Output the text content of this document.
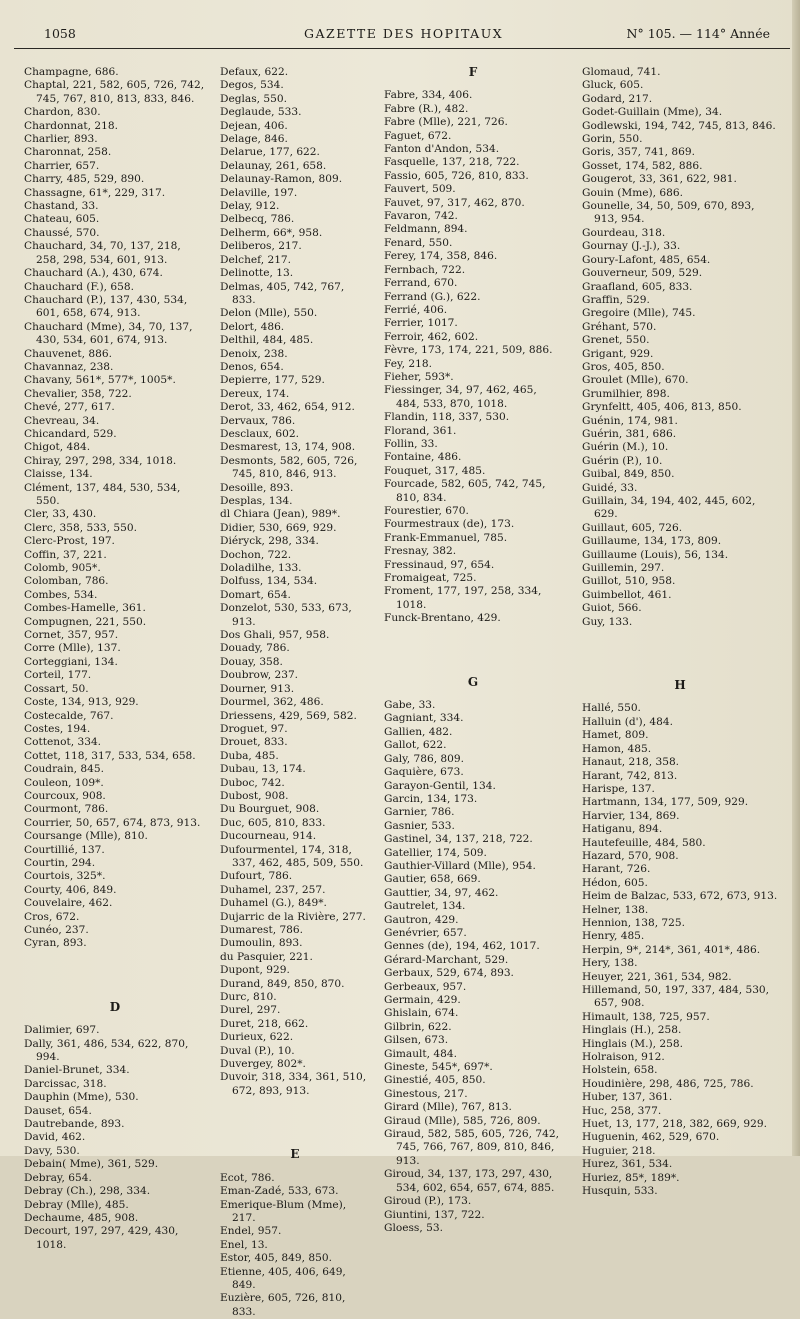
1058	GAZETTE DES HOPITAUX	N° 105. — 114° Année
Champagne, 686.
Chaptal, 221, 582, 605, 726, 742, 745, 767, 810, 813, 833, 846.
Chardon, 830.
Chardonnat, 218.
Charlier, 893.
Charonnat, 258.
Charrier, 657.
Charry, 485, 529, 890.
Chassagne, 61*, 229, 317.
Chastand, 33.
Chateau, 605.
Chaussé, 570.
Chauchard, 34, 70, 137, 218, 258, 298, 534, 601, 913.
Chauchard (A.), 430, 674.
Chauchard (F.), 658.
Chauchard (P.), 137, 430, 534, 601, 658, 674, 913.
Chauchard (Mme), 34, 70, 137, 430, 534, 601, 674, 913.
Chauvenet, 886.
Chavannaz, 238.
Chavany, 561*, 577*, 1005*.
Chevalier, 358, 722.
Chevé, 277, 617.
Chevreau, 34.
Chicandard, 529.
Chigot, 484.
Chiray, 297, 298, 334, 1018.
Claisse, 134.
Clément, 137, 484, 530, 534, 550.
Cler, 33, 430.
Clerc, 358, 533, 550.
Clerc-Prost, 197.
Coffin, 37, 221.
Colomb, 905*.
Colomban, 786.
Combes, 534.
Combes-Hamelle, 361.
Compugnen, 221, 550.
Cornet, 357, 957.
Corre (Mlle), 137.
Corteggiani, 134.
Corteil, 177.
Cossart, 50.
Coste, 134, 913, 929.
Costecalde, 767.
Costes, 194.
Cottenot, 334.
Cottet, 118, 317, 533, 534, 658.
Coudrain, 845.
Couleon, 109*.
Courcoux, 908.
Courmont, 786.
Courrier, 50, 657, 674, 873, 913.
Coursange (Mlle), 810.
Courtillié, 137.
Courtin, 294.
Courtois, 325*.
Courty, 406, 849.
Couvelaire, 462.
Cros, 672.
Cunéo, 237.
Cyran, 893.
D
Dalimier, 697.
Dally, 361, 486, 534, 622, 870, 994.
Daniel-Brunet, 334.
Darcissac, 318.
Dauphin (Mme), 530.
Dauset, 654.
Dautrebande, 893.
David, 462.
Davy, 530.
Debain( Mme), 361, 529.
Debray, 654.
Debray (Ch.), 298, 334.
Debray (Mlle), 485.
Dechaume, 485, 908.
Decourt, 197, 297, 429, 430, 1018.
Defaux, 622.
Degos, 534.
Deglas, 550.
Deglaude, 533.
Dejean, 406.
Delage, 846.
Delarue, 177, 622.
Delaunay, 261, 658.
Delaunay-Ramon, 809.
Delaville, 197.
Delay, 912.
Delbecq, 786.
Delherm, 66*, 958.
Deliberos, 217.
Delchef, 217.
Delinotte, 13.
Delmas, 405, 742, 767, 833.
Delon (Mlle), 550.
Delort, 486.
Delthil, 484, 485.
Denoix, 238.
Denos, 654.
Depierre, 177, 529.
Dereux, 174.
Derot, 33, 462, 654, 912.
Dervaux, 786.
Desclaux, 602.
Desmarest, 13, 174, 908.
Desmonts, 582, 605, 726, 745, 810, 846, 913.
Desoille, 893.
Desplas, 134.
dl Chiara (Jean), 989*.
Didier, 530, 669, 929.
Diéryck, 298, 334.
Dochon, 722.
Doladilhe, 133.
Dolfuss, 134, 534.
Domart, 654.
Donzelot, 530, 533, 673, 913.
Dos Ghali, 957, 958.
Douady, 786.
Douay, 358.
Doubrow, 237.
Dourner, 913.
Dourmel, 362, 486.
Driessens, 429, 569, 582.
Droguet, 97.
Drouet, 833.
Duba, 485.
Dubau, 13, 174.
Duboc, 742.
Dubost, 908.
Du Bourguet, 908.
Duc, 605, 810, 833.
Ducourneau, 914.
Dufourmentel, 174, 318, 337, 462, 485, 509, 550.
Dufourt, 786.
Duhamel, 237, 257.
Duhamel (G.), 849*.
Dujarric de la Rivière, 277.
Dumarest, 786.
Dumoulin, 893.
du Pasquier, 221.
Dupont, 929.
Durand, 849, 850, 870.
Durc, 810.
Durel, 297.
Duret, 218, 662.
Durieux, 622.
Duval (P.), 10.
Duvergey, 802*.
Duvoir, 318, 334, 361, 510, 672, 893, 913.
E
Ecot, 786.
Eman-Zadé, 533, 673.
Emerique-Blum (Mme), 217.
Endel, 957.
Enel, 13.
Estor, 405, 849, 850.
Etienne, 405, 406, 649, 849.
Euzière, 605, 726, 810, 833.
F
Fabre, 334, 406.
Fabre (R.), 482.
Fabre (Mlle), 221, 726.
Faguet, 672.
Fanton d'Andon, 534.
Fasquelle, 137, 218, 722.
Fassio, 605, 726, 810, 833.
Fauvert, 509.
Fauvet, 97, 317, 462, 870.
Favaron, 742.
Feldmann, 894.
Fenard, 550.
Ferey, 174, 358, 846.
Fernbach, 722.
Ferrand, 670.
Ferrand (G.), 622.
Ferrié, 406.
Ferrier, 1017.
Ferroir, 462, 602.
Fèvre, 173, 174, 221, 509, 886.
Fey, 218.
Fieher, 593*.
Fiessinger, 34, 97, 462, 465, 484, 533, 870, 1018.
Flandin, 118, 337, 530.
Florand, 361.
Follin, 33.
Fontaine, 486.
Fouquet, 317, 485.
Fourcade, 582, 605, 742, 745, 810, 834.
Fourestier, 670.
Fourmestraux (de), 173.
Frank-Emmanuel, 785.
Fresnay, 382.
Fressinaud, 97, 654.
Fromaigeat, 725.
Froment, 177, 197, 258, 334, 1018.
Funck-Brentano, 429.
G
Gabe, 33.
Gagniant, 334.
Gallien, 482.
Gallot, 622.
Galy, 786, 809.
Gaquière, 673.
Garayon-Gentil, 134.
Garcin, 134, 173.
Garnier, 786.
Gasnier, 533.
Gastinel, 34, 137, 218, 722.
Gatellier, 174, 509.
Gauthier-Villard (Mlle), 954.
Gautier, 658, 669.
Gauttier, 34, 97, 462.
Gautrelet, 134.
Gautron, 429.
Genévrier, 657.
Gennes (de), 194, 462, 1017.
Gérard-Marchant, 529.
Gerbaux, 529, 674, 893.
Gerbeaux, 957.
Germain, 429.
Ghislain, 674.
Gilbrin, 622.
Gilsen, 673.
Gimault, 484.
Gineste, 545*, 697*.
Ginestié, 405, 850.
Ginestous, 217.
Girard (Mlle), 767, 813.
Giraud (Mlle), 585, 726, 809.
Giraud, 582, 585, 605, 726, 742, 745, 766, 767, 809, 810, 846, 913.
Giroud, 34, 137, 173, 297, 430, 534, 602, 654, 657, 674, 885.
Giroud (P.), 173.
Giuntini, 137, 722.
Gloess, 53.
Glomaud, 741.
Gluck, 605.
Godard, 217.
Godet-Guillain (Mme), 34.
Godlewski, 194, 742, 745, 813, 846.
Gorin, 550.
Goris, 357, 741, 869.
Gosset, 174, 582, 886.
Gougerot, 33, 361, 622, 981.
Gouin (Mme), 686.
Gounelle, 34, 50, 509, 670, 893, 913, 954.
Gourdeau, 318.
Gournay (J.-J.), 33.
Goury-Lafont, 485, 654.
Gouverneur, 509, 529.
Graafland, 605, 833.
Graffin, 529.
Gregoire (Mlle), 745.
Gréhant, 570.
Grenet, 550.
Grigant, 929.
Gros, 405, 850.
Groulet (Mlle), 670.
Grumilhier, 898.
Grynfeltt, 405, 406, 813, 850.
Guénin, 174, 981.
Guérin, 381, 686.
Guérin (M.), 10.
Guérin (P.), 10.
Guibal, 849, 850.
Guidé, 33.
Guillain, 34, 194, 402, 445, 602, 629.
Guillaut, 605, 726.
Guillaume, 134, 173, 809.
Guillaume (Louis), 56, 134.
Guillemin, 297.
Guillot, 510, 958.
Guimbellot, 461.
Guiot, 566.
Guy, 133.
H
Hallé, 550.
Halluin (d'), 484.
Hamet, 809.
Hamon, 485.
Hanaut, 218, 358.
Harant, 742, 813.
Harispe, 137.
Hartmann, 134, 177, 509, 929.
Harvier, 134, 869.
Hatiganu, 894.
Hautefeuille, 484, 580.
Hazard, 570, 908.
Harant, 726.
Hédon, 605.
Heim de Balzac, 533, 672, 673, 913.
Helner, 138.
Hennion, 138, 725.
Henry, 485.
Herpin, 9*, 214*, 361, 401*, 486.
Hery, 138.
Heuyer, 221, 361, 534, 982.
Hillemand, 50, 197, 337, 484, 530, 657, 908.
Himault, 138, 725, 957.
Hinglais (H.), 258.
Hinglais (M.), 258.
Holraison, 912.
Holstein, 658.
Houdinière, 298, 486, 725, 786.
Huber, 137, 361.
Huc, 258, 377.
Huet, 13, 177, 218, 382, 669, 929.
Huguenin, 462, 529, 670.
Huguier, 218.
Hurez, 361, 534.
Huriez, 85*, 189*.
Husquin, 533.
